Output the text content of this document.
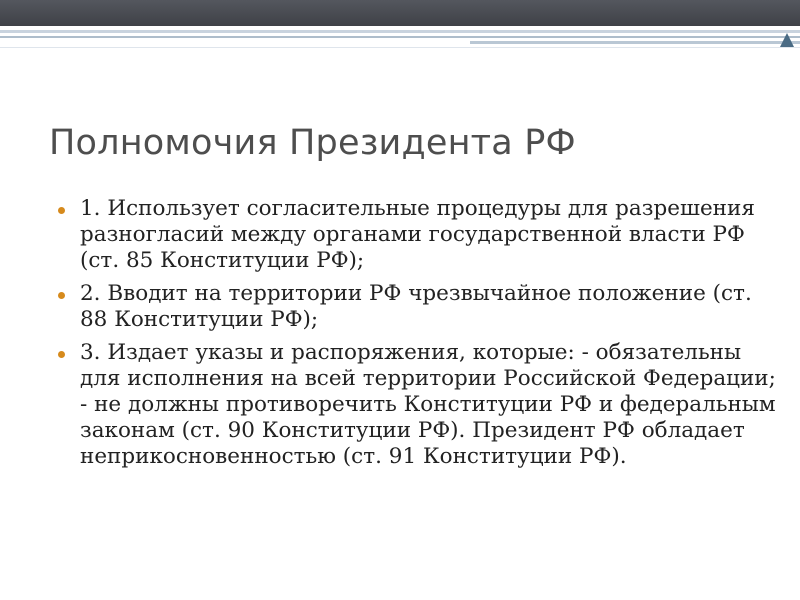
Полномочия Президента РФ
1. Использует согласительные процедуры для разрешения разногласий между органами государственной власти РФ (ст. 85 Конституции РФ);
2. Вводит на территории РФ чрезвычайное положение (ст. 88 Конституции РФ);
3. Издает указы и распоряжения, которые: - обязательны для исполнения на всей территории Российской Федерации; - не должны противоречить Конституции РФ и федеральным законам (ст. 90 Конституции РФ). Президент РФ обладает неприкосновенностью (ст. 91 Конституции РФ).
